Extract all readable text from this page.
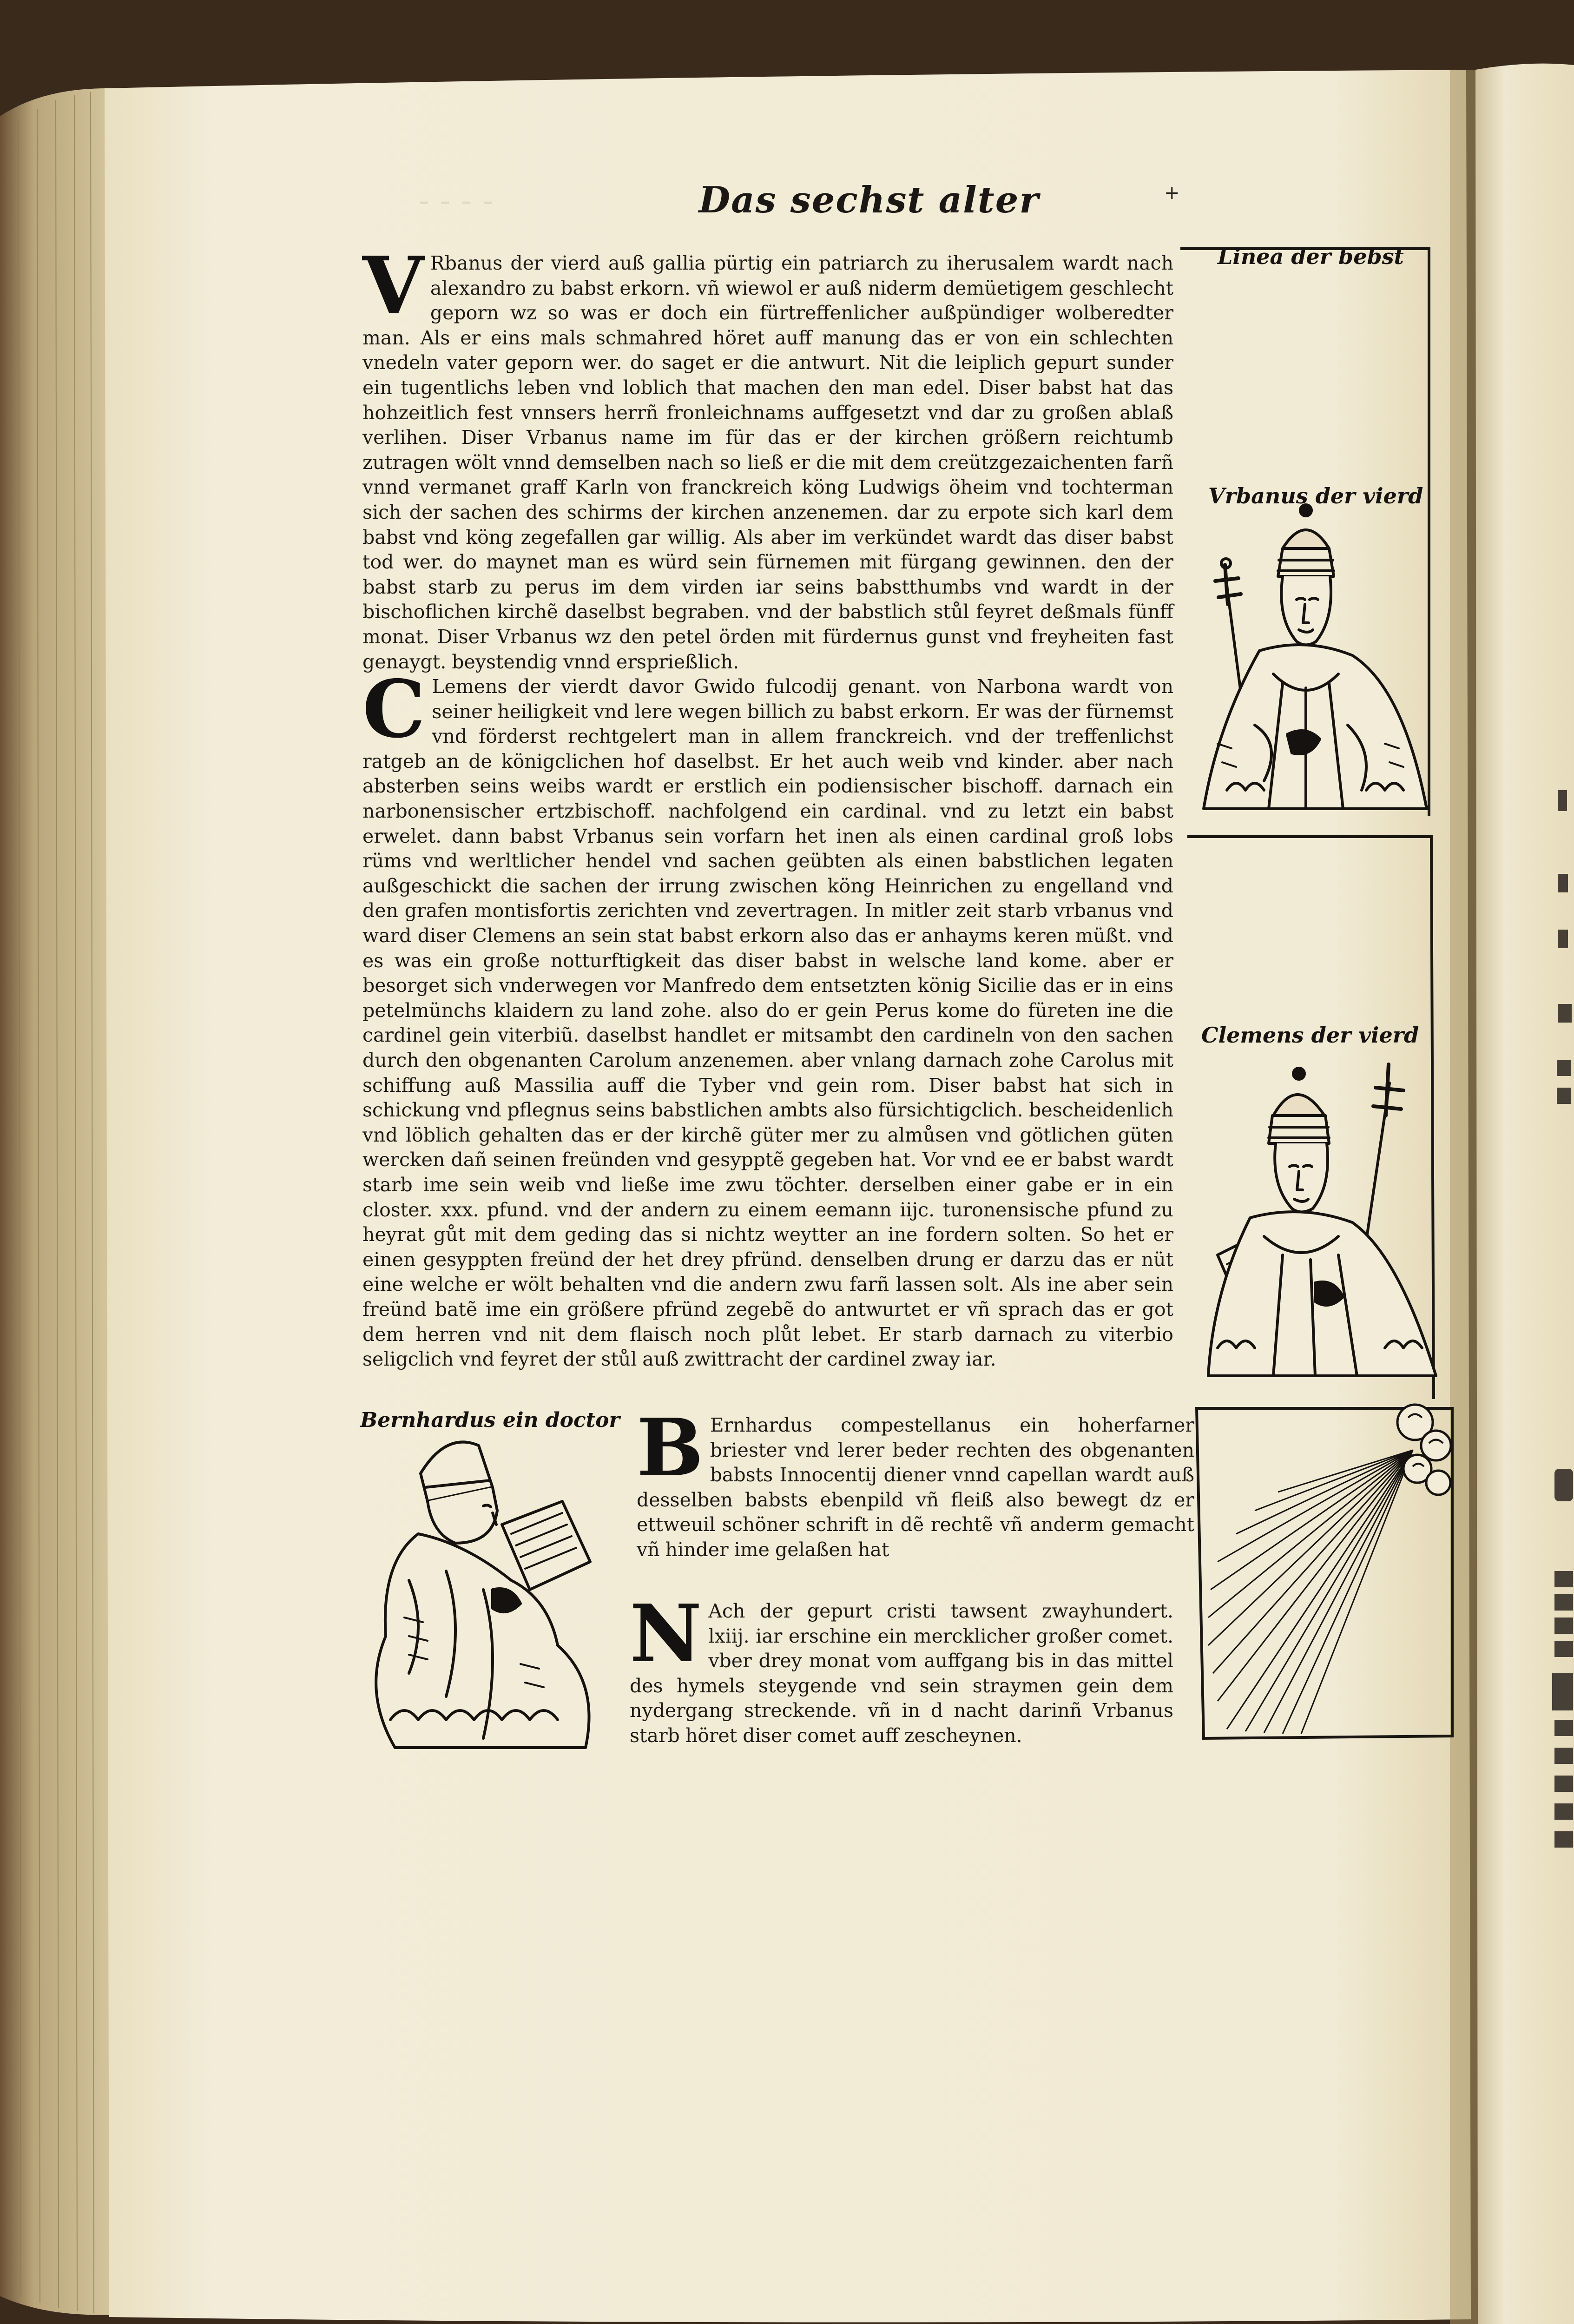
- - - -	Das sechst alter	+
V Rbanus der vierd auß gallia pürtig ein patriarch zu iherusalem wardt nach alexandro zu babst erkorn. vñ wiewol er auß niderm demüetigem geschlecht geporn wz so was er doch ein fürtreffenlicher außpündiger wolberedter man. Als er eins mals schmahred höret auff manung das er von ein schlechten vnedeln vater geporn wer. do saget er die antwurt. Nit die leiplich gepurt sunder ein tugentlichs leben vnd loblich that machen den man edel. Diser babst hat das hohzeitlich fest vnnsers herrñ fronleichnams auffgesetzt vnd dar zu großen ablaß verlihen. Diser Vrbanus name im für das er der kirchen größern reichtumb zutragen wölt vnnd demselben nach so ließ er die mit dem creützgezaichenten farñ vnnd vermanet graff Karln von franckreich köng Ludwigs öheim vnd tochterman sich der sachen des schirms der kirchen anzenemen. dar zu erpote sich karl dem babst vnd köng zegefallen gar willig. Als aber im verkündet wardt das diser babst tod wer. do maynet man es würd sein fürnemen mit fürgang gewinnen. den der babst starb zu perus im dem virden iar seins babstthumbs vnd wardt in der bischoflichen kirchẽ daselbst begraben. vnd der babstlich stůl feyret deßmals fünff monat. Diser Vrbanus wz den petel örden mit fürdernus gunst vnd freyheiten fast genaygt. beystendig vnnd ersprießlich.

C Lemens der vierdt davor Gwido fulcodij genant. von Narbona wardt von seiner heiligkeit vnd lere wegen billich zu babst erkorn. Er was der fürnemst vnd förderst rechtgelert man in allem franckreich. vnd der treffenlichst ratgeb an de königclichen hof daselbst. Er het auch weib vnd kinder. aber nach absterben seins weibs wardt er erstlich ein podiensischer bischoff. darnach ein narbonensischer ertzbischoff. nachfolgend ein cardinal. vnd zu letzt ein babst erwelet. dann babst Vrbanus sein vorfarn het inen als einen cardinal groß lobs rüms vnd werltlicher hendel vnd sachen geübten als einen babstlichen legaten außgeschickt die sachen der irrung zwischen köng Heinrichen zu engelland vnd den grafen montisfortis zerichten vnd zevertragen. In mitler zeit starb vrbanus vnd ward diser Clemens an sein stat babst erkorn also das er anhayms keren müßt. vnd es was ein große notturftigkeit das diser babst in welsche land kome. aber er besorget sich vnderwegen vor Manfredo dem entsetzten könig Sicilie das er in eins petelmünchs klaidern zu land zohe. also do er gein Perus kome do füreten ine die cardinel gein viterbiũ. daselbst handlet er mitsambt den cardineln von den sachen durch den obgenanten Carolum anzenemen. aber vnlang darnach zohe Carolus mit schiffung auß Massilia auff die Tyber vnd gein rom. Diser babst hat sich in schickung vnd pflegnus seins babstlichen ambts also fürsichtigclich. bescheidenlich vnd löblich gehalten das er der kirchẽ güter mer zu almůsen vnd götlichen güten wercken dañ seinen freünden vnd gesypptẽ gegeben hat. Vor vnd ee er babst wardt starb ime sein weib vnd ließe ime zwu töchter. derselben einer gabe er in ein closter. xxx. pfund. vnd der andern zu einem eemann iijc. turonensische pfund zu heyrat gůt mit dem geding das si nichtz weytter an ine fordern solten. So het er einen gesyppten freünd der het drey pfründ. denselben drung er darzu das er nüt eine welche er wölt behalten vnd die andern zwu farñ lassen solt. Als ine aber sein freünd batẽ ime ein größere pfründ zegebẽ do antwurtet er vñ sprach das er got dem herren vnd nit dem flaisch noch plůt lebet. Er starb darnach zu viterbio seligclich vnd feyret der stůl auß zwittracht der cardinel zway iar.
Linea der bebst
Vrbanus der vierd
Clemens der vierd
Bernhardus ein doctor B Ernhardus compestellanus ein hoherfarner briester vnd lerer beder rechten des obgenanten babsts Innocentij diener vnnd capellan wardt auß desselben babsts ebenpild vñ fleiß also bewegt dz er ettweuil schöner schrift in dẽ rechtẽ vñ anderm gemacht vñ hinder ime gelaßen hat
N Ach der gepurt cristi tawsent zwayhundert. lxiij. iar erschine ein mercklicher großer comet. vber drey monat vom auffgang bis in das mittel des hymels steygende vnd sein straymen gein dem nydergang streckende. vñ in d nacht darinñ Vrbanus starb höret diser comet auff zescheynen.
